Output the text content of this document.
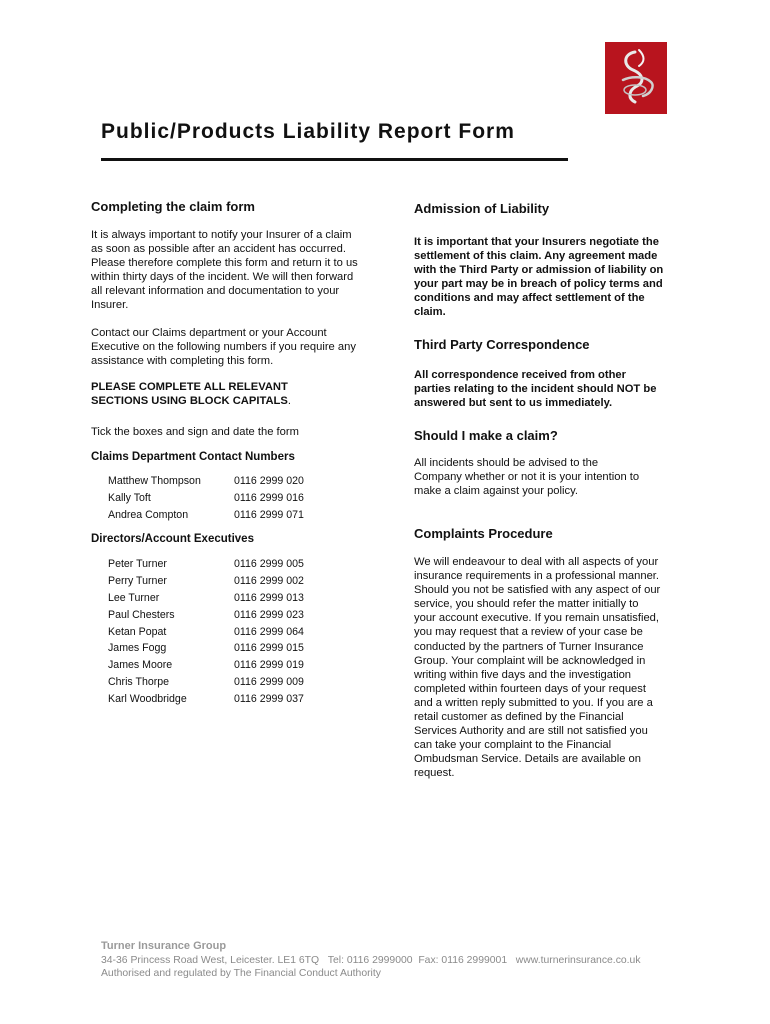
Public/Products Liability Report Form
Completing the claim form

It is always important to notify your Insurer of a claim as soon as possible after an accident has occurred. Please therefore complete this form and return it to us within thirty days of the incident. We will then forward all relevant information and documentation to your Insurer.

Contact our Claims department or your Account Executive on the following numbers if you require any assistance with completing this form.

PLEASE COMPLETE ALL RELEVANT SECTIONS USING BLOCK CAPITALS.

Tick the boxes and sign and date the form

Claims Department Contact Numbers
Matthew Thompson	0116 2999 020
Kally Toft	0116 2999 016
Andrea Compton	0116 2999 071
Directors/Account Executives
Peter Turner	0116 2999 005
Perry Turner	0116 2999 002
Lee Turner	0116 2999 013
Paul Chesters	0116 2999 023
Ketan Popat	0116 2999 064
James Fogg	0116 2999 015
James Moore	0116 2999 019
Chris Thorpe	0116 2999 009
Karl Woodbridge	0116 2999 037
Admission of Liability

It is important that your Insurers negotiate the settlement of this claim. Any agreement made with the Third Party or admission of liability on your part may be in breach of policy terms and conditions and may affect settlement of the claim.

Third Party Correspondence

All correspondence received from other parties relating to the incident should NOT be answered but sent to us immediately.

Should I make a claim?

All incidents should be advised to the Company whether or not it is your intention to make a claim against your policy.

Complaints Procedure

We will endeavour to deal with all aspects of your insurance requirements in a professional manner. Should you not be satisfied with any aspect of our service, you should refer the matter initially to your account executive. If you remain unsatisfied, you may request that a review of your case be conducted by the partners of Turner Insurance Group. Your complaint will be acknowledged in writing within five days and the investigation completed within fourteen days of your request and a written reply submitted to you. If you are a retail customer as defined by the Financial Services Authority and are still not satisfied you can take your complaint to the Financial Ombudsman Service. Details are available on request.

Turner Insurance Group
34-36 Princess Road West, Leicester. LE1 6TQ Tel: 0116 2999000 Fax: 0116 2999001 www.turnerinsurance.co.uk
Authorised and regulated by The Financial Conduct Authority
